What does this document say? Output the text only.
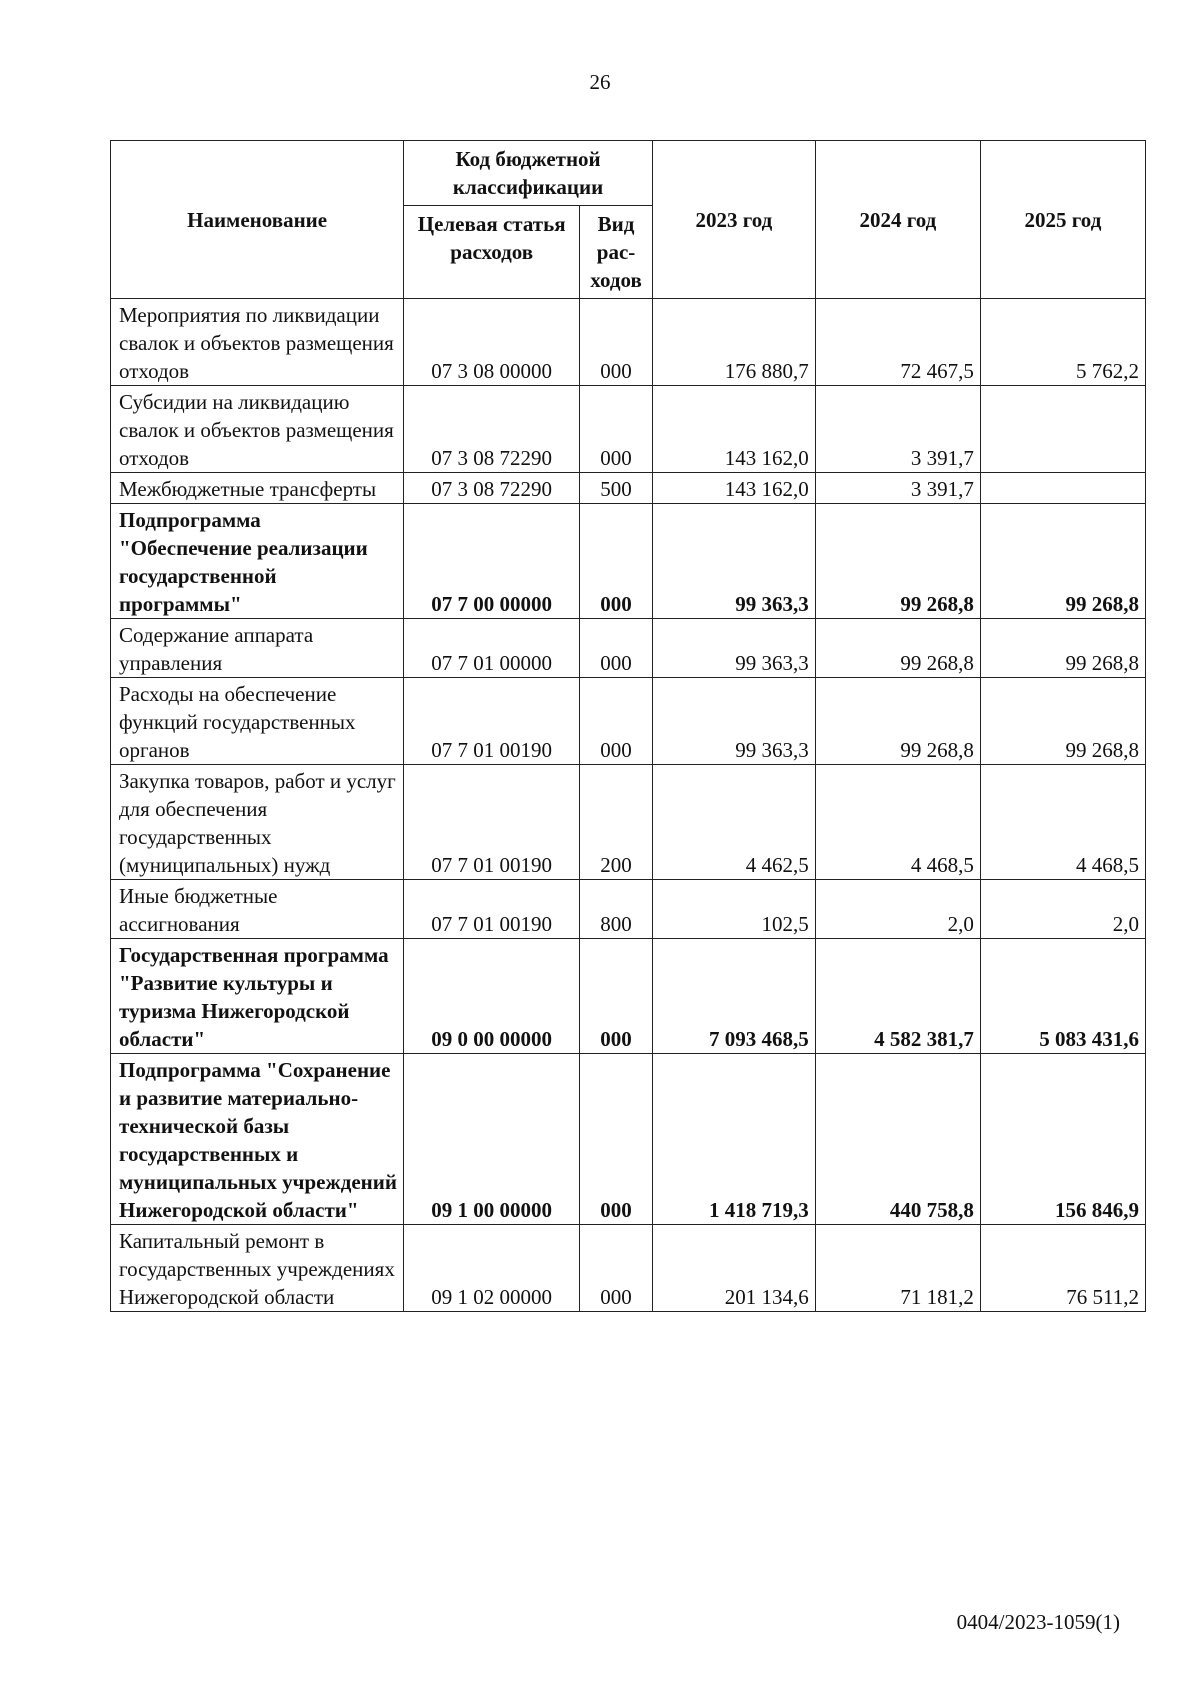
26
Наименование	Код бюджетной классификации		2023 год	2024 год	2025 год
	Целевая статья расходов	Вид рас-ходов			
Мероприятия по ликвидации свалок и объектов размещения отходов	07 3 08 00000	000	176 880,7	72 467,5	5 762,2
Субсидии на ликвидацию свалок и объектов размещения отходов	07 3 08 72290	000	143 162,0	3 391,7	
Межбюджетные трансферты	07 3 08 72290	500	143 162,0	3 391,7	
Подпрограмма "Обеспечение реализации государственной программы"	07 7 00 00000	000	99 363,3	99 268,8	99 268,8
Содержание аппарата управления	07 7 01 00000	000	99 363,3	99 268,8	99 268,8
Расходы на обеспечение функций государственных органов	07 7 01 00190	000	99 363,3	99 268,8	99 268,8
Закупка товаров, работ и услуг для обеспечения государственных (муниципальных) нужд	07 7 01 00190	200	4 462,5	4 468,5	4 468,5
Иные бюджетные ассигнования	07 7 01 00190	800	102,5	2,0	2,0
Государственная программа "Развитие культуры и туризма Нижегородской области"	09 0 00 00000	000	7 093 468,5	4 582 381,7	5 083 431,6
Подпрограмма "Сохранение и развитие материально-технической базы государственных и муниципальных учреждений Нижегородской области"	09 1 00 00000	000	1 418 719,3	440 758,8	156 846,9
Капитальный ремонт в государственных учреждениях Нижегородской области	09 1 02 00000	000	201 134,6	71 181,2	76 511,2
0404/2023-1059(1)
